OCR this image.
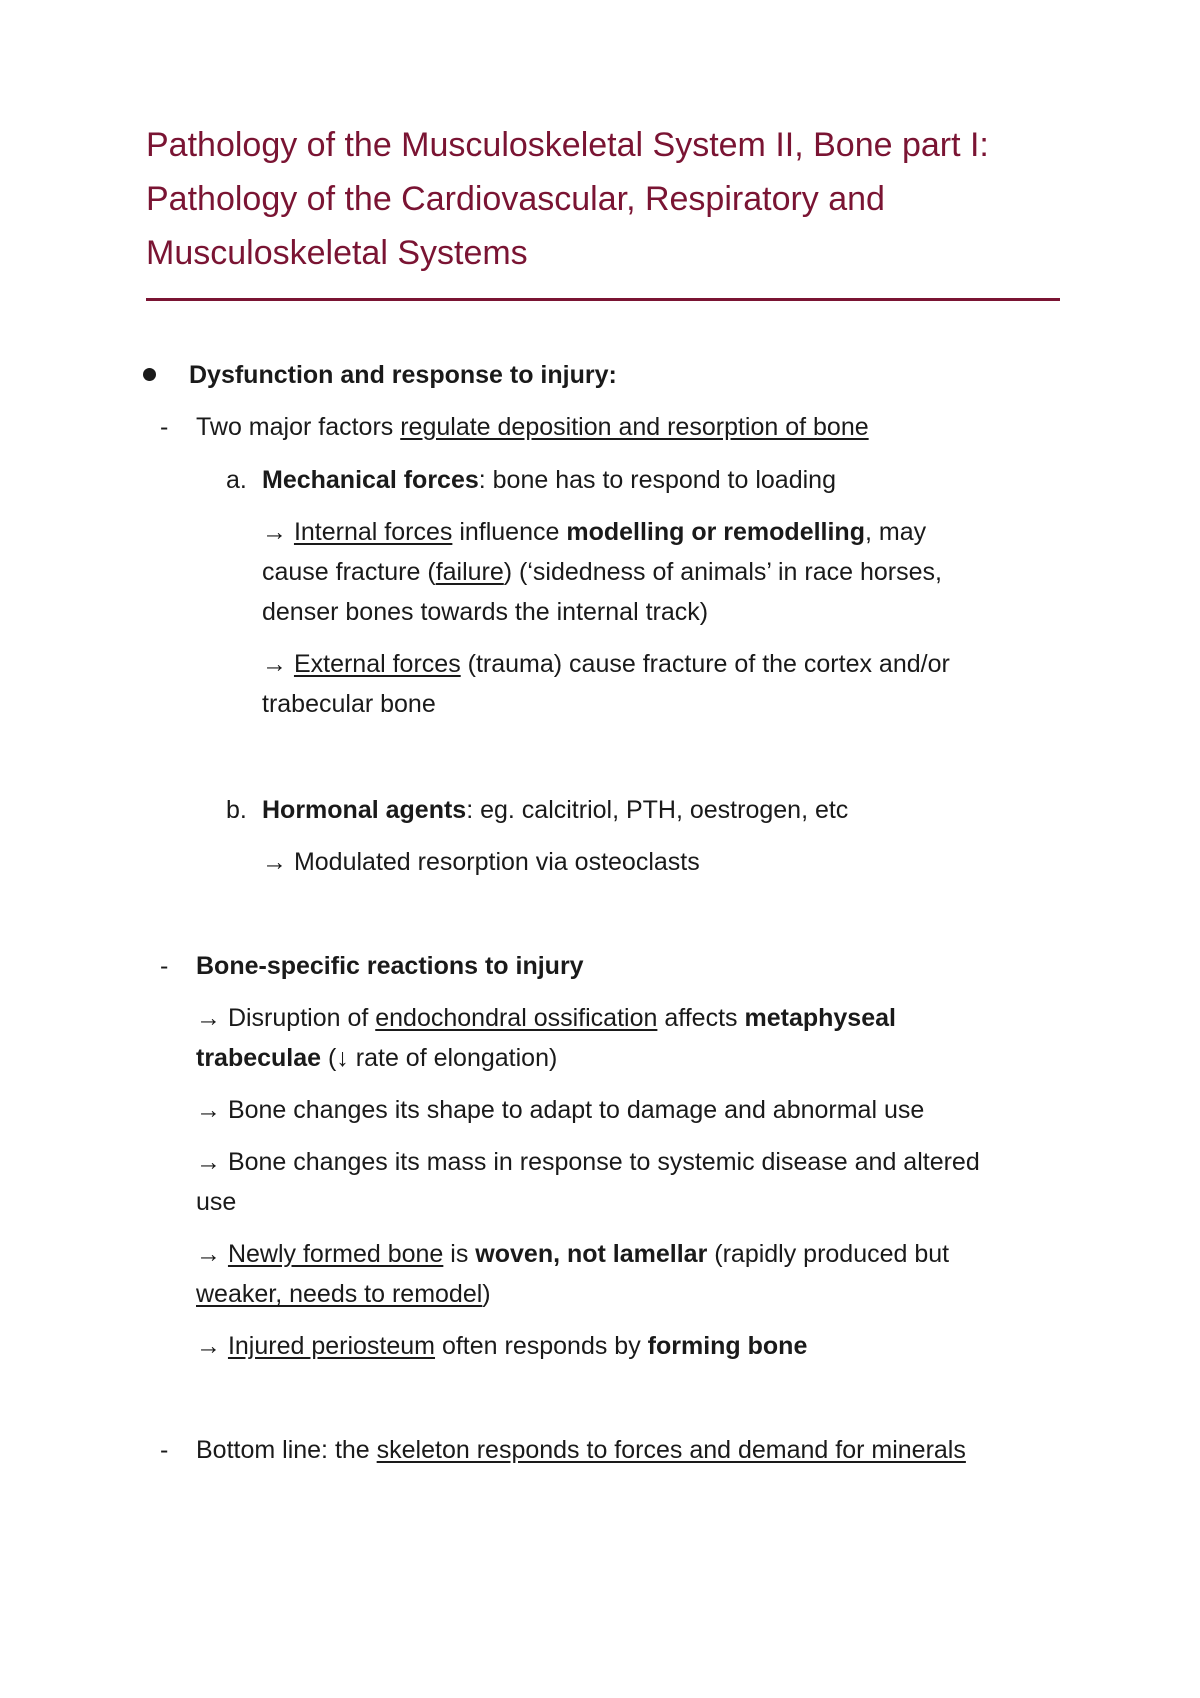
Pathology of the Musculoskeletal System II, Bone part I:
Pathology of the Cardiovascular, Respiratory and
Musculoskeletal Systems
Dysfunction and response to injury:
- Two major factors regulate deposition and resorption of bone
a. Mechanical forces: bone has to respond to loading
→ Internal forces influence modelling or remodelling, may
cause fracture (failure) (‘sidedness of animals’ in race horses,
denser bones towards the internal track)
→ External forces (trauma) cause fracture of the cortex and/or
trabecular bone
b. Hormonal agents: eg. calcitriol, PTH, oestrogen, etc
→ Modulated resorption via osteoclasts
- Bone-specific reactions to injury
→ Disruption of endochondral ossification affects metaphyseal
trabeculae (↓ rate of elongation)
→ Bone changes its shape to adapt to damage and abnormal use
→ Bone changes its mass in response to systemic disease and altered
use
→ Newly formed bone is woven, not lamellar (rapidly produced but
weaker, needs to remodel)
→ Injured periosteum often responds by forming bone
- Bottom line: the skeleton responds to forces and demand for minerals
